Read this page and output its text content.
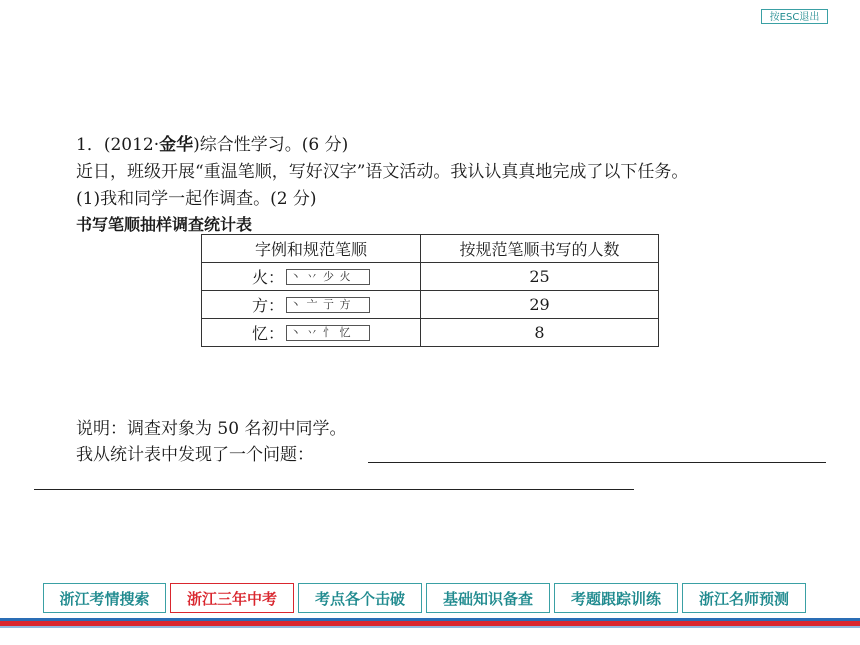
按ESC退出
1．(2012·金华)综合性学习。(6 分)
近日，班级开展“重温笔顺，写好汉字”语文活动。我认认真真地完成了以下任务。
(1)我和同学一起作调查。(2 分)
书写笔顺抽样调查统计表
字例和规范笔顺	按规范笔顺书写的人数
火： 丶 丷 少 火	25
方： 丶 亠 亍 方	29
忆： 丶 丷 忄 忆	8
说明：调查对象为 50 名初中同学。
我从统计表中发现了一个问题：
浙江考情搜索	浙江三年中考	考点各个击破	基础知识备查	考题跟踪训练	浙江名师预测
